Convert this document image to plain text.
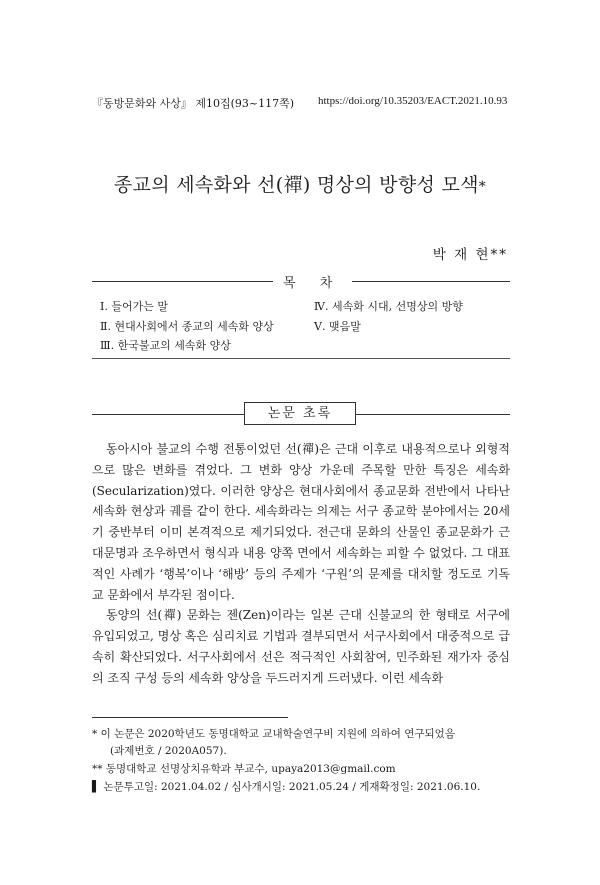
『동방문화와 사상』 제10집(93~117쪽) https://doi.org/10.35203/EACT.2021.10.93
종교의 세속화와 선(禪) 명상의 방향성 모색*
박 재 현**
목 차
Ⅰ. 들어가는 말
Ⅱ. 현대사회에서 종교의 세속화 양상
Ⅲ. 한국불교의 세속화 양상
Ⅳ. 세속화 시대, 선명상의 방향
Ⅴ. 맺음말
논문 초록

동아시아 불교의 수행 전통이었던 선(禪)은 근대 이후로 내용적으로나 외형적으로 많은 변화를 겪었다. 그 변화 양상 가운데 주목할 만한 특징은 세속화(Secularization)였다. 이러한 양상은 현대사회에서 종교문화 전반에서 나타난 세속화 현상과 궤를 같이 한다. 세속화라는 의제는 서구 종교학 분야에서는 20세기 중반부터 이미 본격적으로 제기되었다. 전근대 문화의 산물인 종교문화가 근대문명과 조우하면서 형식과 내용 양쪽 면에서 세속화는 피할 수 없었다. 그 대표적인 사례가 ‘행복’이나 ‘해방’ 등의 주제가 ‘구원’의 문제를 대치할 정도로 기독교 문화에서 부각된 점이다.

동양의 선(禪) 문화는 젠(Zen)이라는 일본 근대 신불교의 한 형태로 서구에 유입되었고, 명상 혹은 심리치료 기법과 결부되면서 서구사회에서 대중적으로 급속히 확산되었다. 서구사회에서 선은 적극적인 사회참여, 민주화된 재가자 중심의 조직 구성 등의 세속화 양상을 두드러지게 드러냈다. 이런 세속화

* 이 논문은 2020학년도 동명대학교 교내학술연구비 지원에 의하여 연구되었음
(과제번호 / 2020A057).
** 동명대학교 선명상치유학과 부교수, upaya2013@gmail.com
▌ 논문투고일: 2021.04.02 / 심사개시일: 2021.05.24 / 게재확정일: 2021.06.10.
